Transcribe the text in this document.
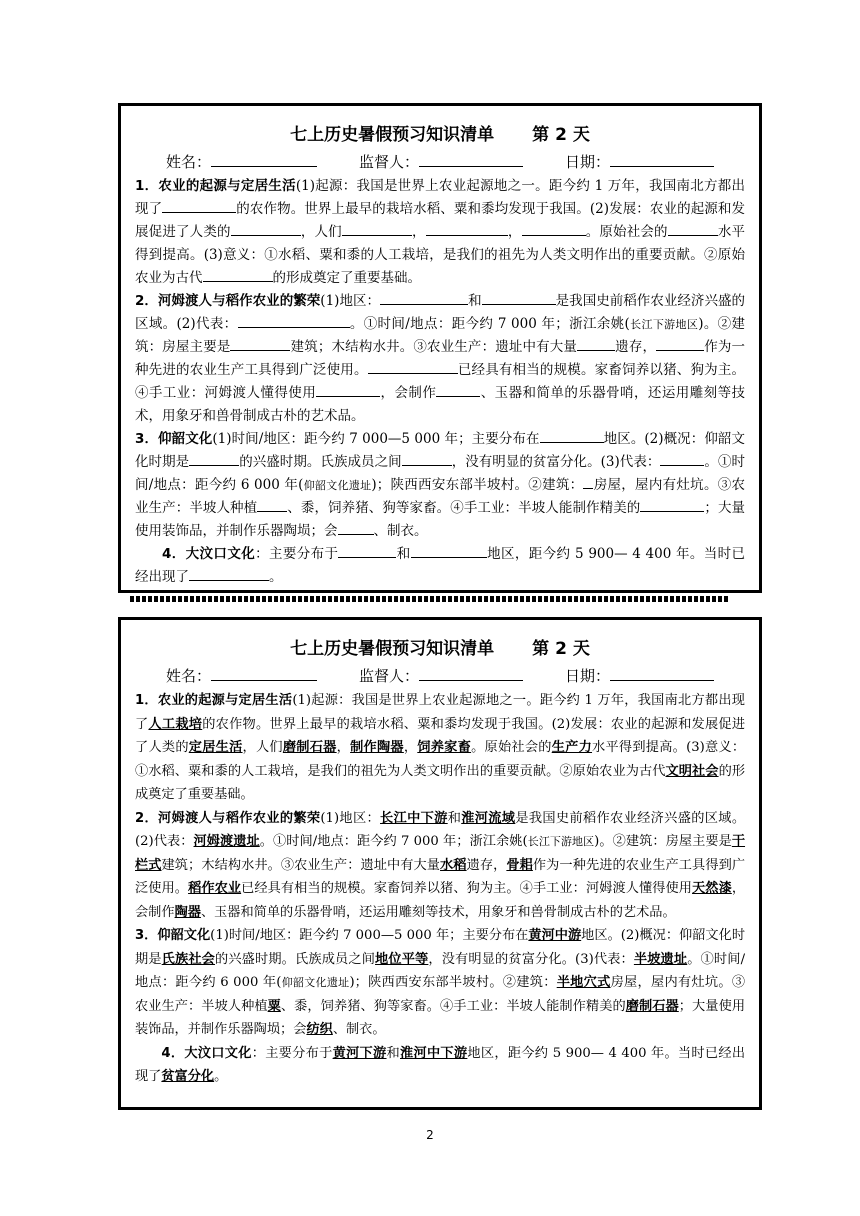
七上历史暑假预习知识清单 第 2 天
姓名：	监督人：	日期：

1．农业的起源与定居生活(1)起源：我国是世界上农业起源地之一。距今约 1 万年，我国南北方都出现了	的农作物。世界上最早的栽培水稻、粟和黍均发现于我国。(2)发展：农业的起源和发展促进了人类的	，人们	，	，	。原始社会的	水平得到提高。(3)意义：①水稻、粟和黍的人工栽培，是我们的祖先为人类文明作出的重要贡献。②原始农业为古代	的形成奠定了重要基础。

2．河姆渡人与稻作农业的繁荣(1)地区：	和	是我国史前稻作农业经济兴盛的区域。(2)代表：	。①时间/地点：距今约 7 000 年；浙江余姚(长江下游地区)。②建筑：房屋主要是	建筑；木结构水井。③农业生产：遗址中有大量	遗存，	作为一种先进的农业生产工具得到广泛使用。	已经具有相当的规模。家畜饲养以猪、狗为主。④手工业：河姆渡人懂得使用	，会制作	、玉器和简单的乐器骨哨，还运用雕刻等技术，用象牙和兽骨制成古朴的艺术品。

3．仰韶文化(1)时间/地区：距今约 7 000—5 000 年；主要分布在	地区。(2)概况：仰韶文化时期是	的兴盛时期。氏族成员之间	，没有明显的贫富分化。(3)代表：	。①时间/地点：距今约 6 000 年(仰韶文化遗址)；陕西西安东部半坡村。②建筑： 房屋，屋内有灶坑。③农业生产：半坡人种植 、黍，饲养猪、狗等家畜。④手工业：半坡人能制作精美的	；大量使用装饰品，并制作乐器陶埙；会	、制衣。

4．大汶口文化：主要分布于	和	地区，距今约 5 900— 4 400 年。当时已经出现了	。

七上历史暑假预习知识清单 第 2 天
姓名：	监督人：	日期：

1．农业的起源与定居生活(1)起源：我国是世界上农业起源地之一。距今约 1 万年，我国南北方都出现了人工栽培的农作物。世界上最早的栽培水稻、粟和黍均发现于我国。(2)发展：农业的起源和发展促进了人类的定居生活，人们磨制石器，制作陶器，饲养家畜。原始社会的生产力水平得到提高。(3)意义：①水稻、粟和黍的人工栽培，是我们的祖先为人类文明作出的重要贡献。②原始农业为古代文明社会的形成奠定了重要基础。

2．河姆渡人与稻作农业的繁荣(1)地区：长江中下游和淮河流域是我国史前稻作农业经济兴盛的区域。(2)代表：河姆渡遗址。①时间/地点：距今约 7 000 年；浙江余姚(长江下游地区)。②建筑：房屋主要是干栏式建筑；木结构水井。③农业生产：遗址中有大量水稻遗存，骨耜作为一种先进的农业生产工具得到广泛使用。稻作农业已经具有相当的规模。家畜饲养以猪、狗为主。④手工业：河姆渡人懂得使用天然漆，会制作陶器、玉器和简单的乐器骨哨，还运用雕刻等技术，用象牙和兽骨制成古朴的艺术品。

3．仰韶文化(1)时间/地区：距今约 7 000—5 000 年；主要分布在黄河中游地区。(2)概况：仰韶文化时期是氏族社会的兴盛时期。氏族成员之间地位平等，没有明显的贫富分化。(3)代表：半坡遗址。①时间/地点：距今约 6 000 年(仰韶文化遗址)；陕西西安东部半坡村。②建筑：半地穴式房屋，屋内有灶坑。③农业生产：半坡人种植粟、黍，饲养猪、狗等家畜。④手工业：半坡人能制作精美的磨制石器；大量使用装饰品，并制作乐器陶埙；会纺织、制衣。

4．大汶口文化：主要分布于黄河下游和淮河中下游地区，距今约 5 900— 4 400 年。当时已经出现了贫富分化。

2
